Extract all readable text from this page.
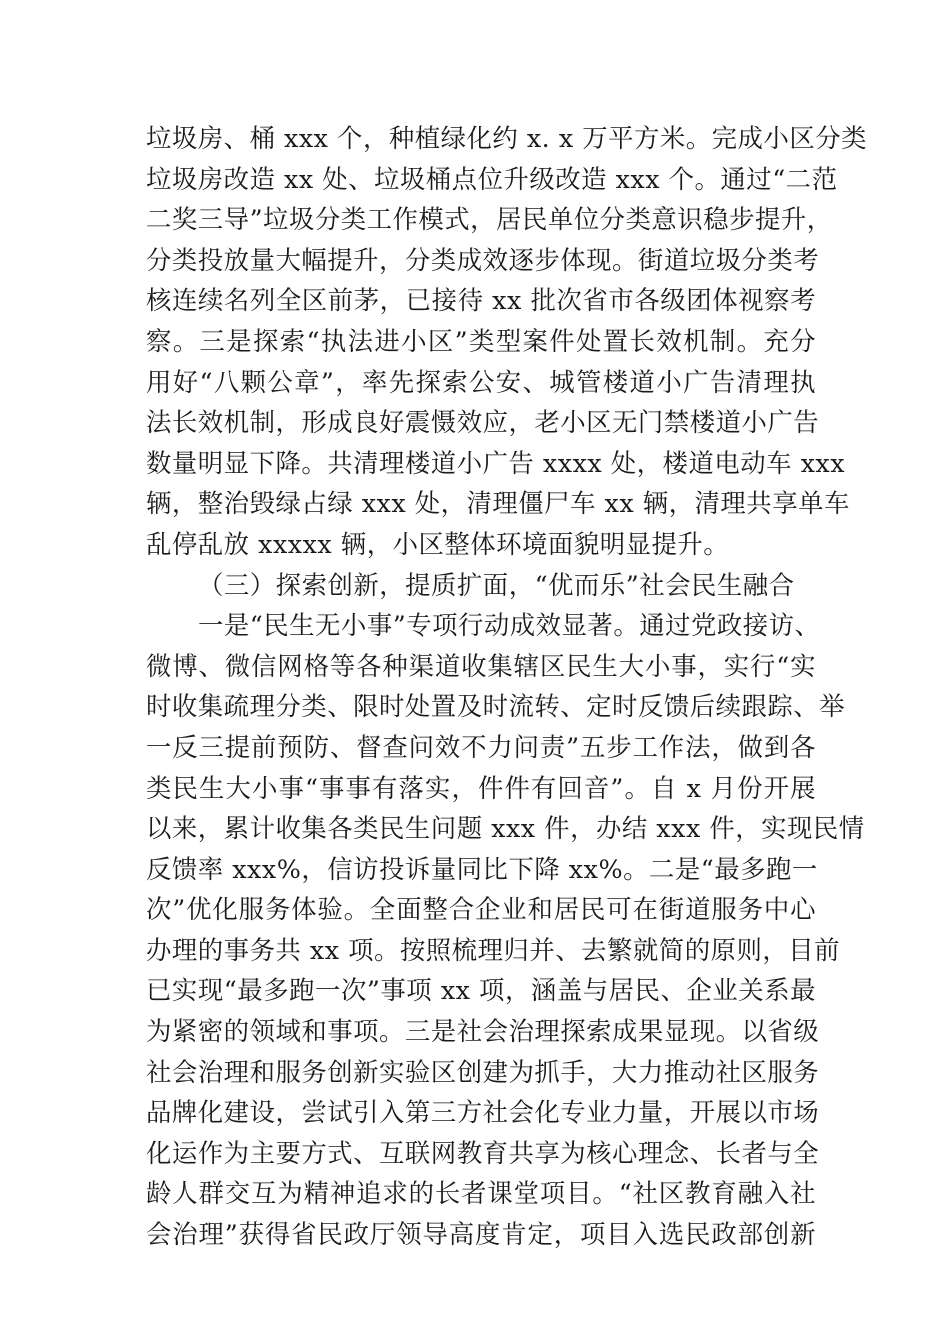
垃圾房、桶 xxx 个，种植绿化约 x. x 万平方米。完成小区分类
垃圾房改造 xx 处、垃圾桶点位升级改造 xxx 个。通过“二范
二奖三导”垃圾分类工作模式，居民单位分类意识稳步提升，
分类投放量大幅提升，分类成效逐步体现。街道垃圾分类考
核连续名列全区前茅，已接待 xx 批次省市各级团体视察考
察。三是探索“执法进小区”类型案件处置长效机制。充分
用好“八颗公章”，率先探索公安、城管楼道小广告清理执
法长效机制，形成良好震慑效应，老小区无门禁楼道小广告
数量明显下降。共清理楼道小广告 xxxx 处，楼道电动车 xxx
辆，整治毁绿占绿 xxx 处，清理僵尸车 xx 辆，清理共享单车
乱停乱放 xxxxx 辆，小区整体环境面貌明显提升。
（三）探索创新，提质扩面，“优而乐”社会民生融合
一是“民生无小事”专项行动成效显著。通过党政接访、
微博、微信网格等各种渠道收集辖区民生大小事，实行“实
时收集疏理分类、限时处置及时流转、定时反馈后续跟踪、举
一反三提前预防、督查问效不力问责”五步工作法，做到各
类民生大小事“事事有落实，件件有回音”。自 x 月份开展
以来，累计收集各类民生问题 xxx 件，办结 xxx 件，实现民情
反馈率 xxx%，信访投诉量同比下降 xx%。二是“最多跑一
次”优化服务体验。全面整合企业和居民可在街道服务中心
办理的事务共 xx 项。按照梳理归并、去繁就简的原则，目前
已实现“最多跑一次”事项 xx 项，涵盖与居民、企业关系最
为紧密的领域和事项。三是社会治理探索成果显现。以省级
社会治理和服务创新实验区创建为抓手，大力推动社区服务
品牌化建设，尝试引入第三方社会化专业力量，开展以市场
化运作为主要方式、互联网教育共享为核心理念、长者与全
龄人群交互为精神追求的长者课堂项目。“社区教育融入社
会治理”获得省民政厅领导高度肯定，项目入选民政部创新
